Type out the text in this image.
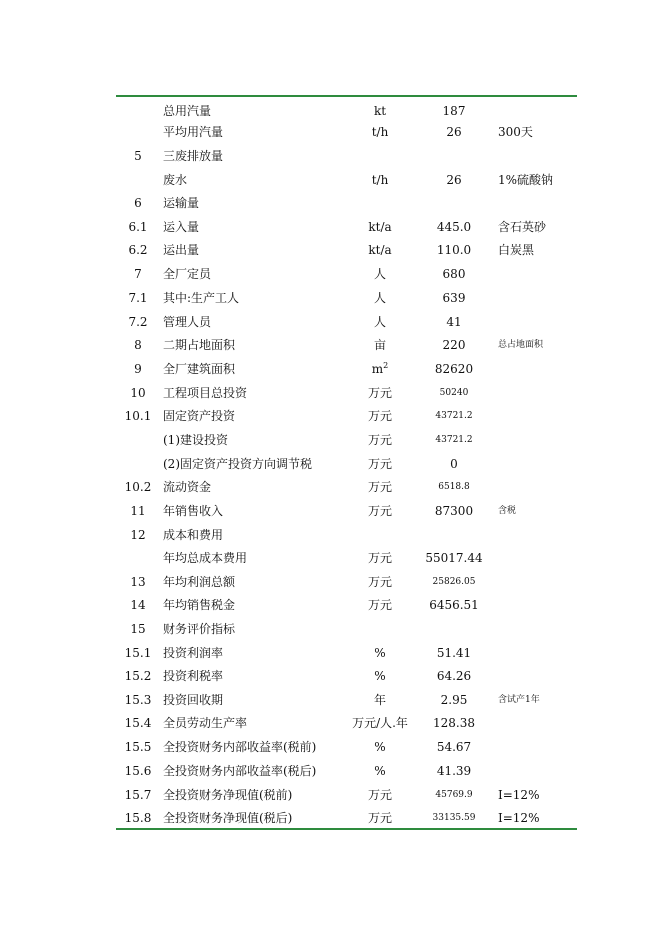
总用汽量	kt	187
平均用汽量	t/h	26	300天
5	三废排放量
废水	t/h	26	1%硫酸钠
6	运输量
6.1	运入量	kt/a	445.0	含石英砂
6.2	运出量	kt/a	110.0	白炭黑
7	全厂定员	人	680
7.1	其中:生产工人	人	639
7.2	管理人员	人	41
8	二期占地面积	亩	220	总占地面积
9	全厂建筑面积	$m^2$	82620
10	工程项目总投资	万元	50240
10.1 固定资产投资	万元	43721.2
(1)建设投资	万元	43721.2
(2)固定资产投资方向调节税	万元	0
10.2 流动资金	万元	6518.8
11	年销售收入	万元	87300	含税
12	成本和费用
年均总成本费用	万元	55017.44
13	年均利润总额	万元	25826.05
14	年均销售税金	万元	6456.51
15	财务评价指标
15.1 投资利润率	%	51.41
15.2 投资利税率	%	64.26
15.3 投资回收期	年	2.95	含试产1年
15.4 全员劳动生产率	万元/人.年	128.38
15.5 全投资财务内部收益率(税前)	%	54.67
15.6 全投资财务内部收益率(税后)	%	41.39
15.7 全投资财务净现值(税前)	万元	45769.9	I=12%
15.8 全投资财务净现值(税后)	万元	33135.59	I=12%
